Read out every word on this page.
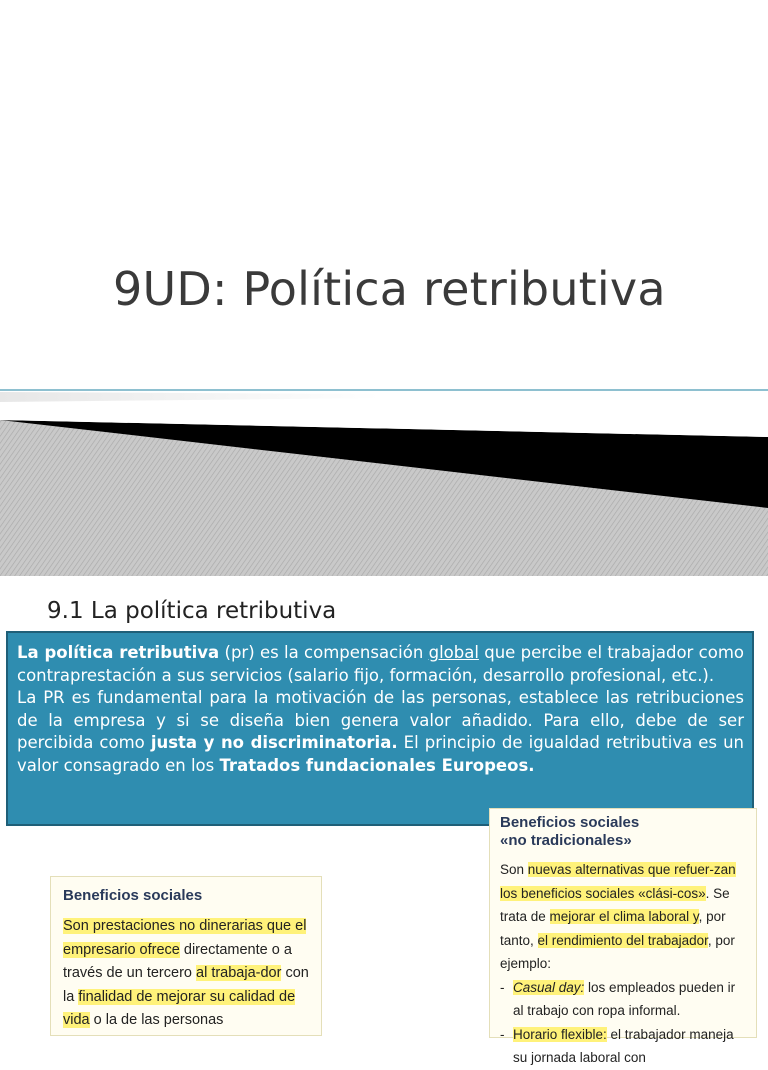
9UD: Política retributiva
9.1 La política retributiva

La política retributiva (pr) es la compensación global que percibe el trabajador como contraprestación a sus servicios (salario fijo, formación, desarrollo profesional, etc.).

La PR es fundamental para la motivación de las personas, establece las retribuciones de la empresa y si se diseña bien genera valor añadido. Para ello, debe de ser percibida como justa y no discriminatoria. El principio de igualdad retributiva es un valor consagrado en los Tratados fundacionales Europeos.

Beneficios sociales
Son prestaciones no dinerarias que el empresario ofrece directamente o a través de un tercero al trabaja-dor con la finalidad de mejorar su calidad de vida o la de las personas
Beneficios sociales
«no tradicionales»
Son nuevas alternativas que refuer-zan los beneficios sociales «clási-cos». Se trata de mejorar el clima laboral y, por tanto, el rendimiento del trabajador, por ejemplo:
- Casual day: los empleados pueden ir al trabajo con ropa informal.
- Horario flexible: el trabajador maneja su jornada laboral con
